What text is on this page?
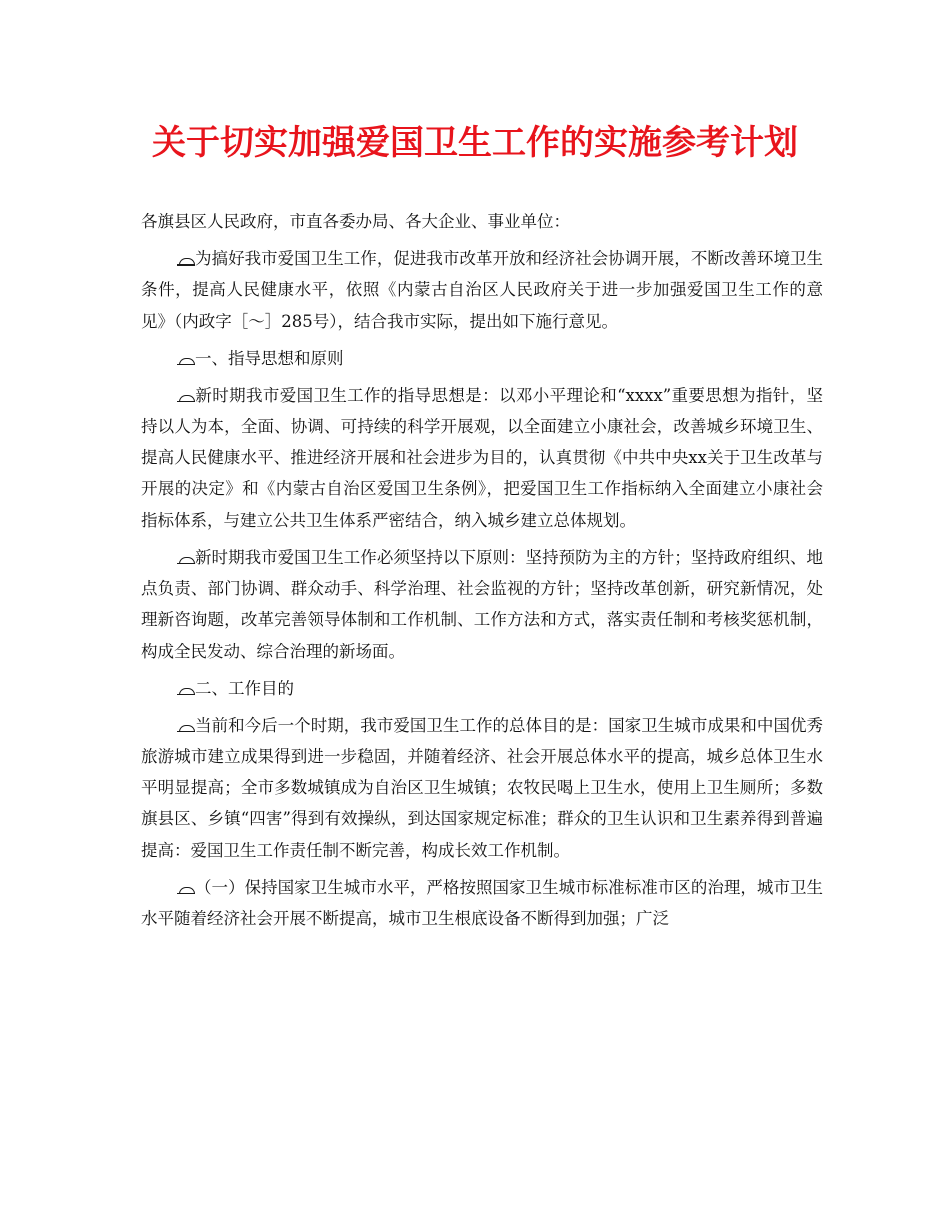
关于切实加强爱国卫生工作的实施参考计划

各旗县区人民政府，市直各委办局、各大企业、事业单位：

为搞好我市爱国卫生工作，促进我市改革开放和经济社会协调开展，不断改善环境卫生条件，提高人民健康水平，依照《内蒙古自治区人民政府关于进一步加强爱国卫生工作的意见》（内政字［～］285号），结合我市实际，提出如下施行意见。

一、指导思想和原则

新时期我市爱国卫生工作的指导思想是：以邓小平理论和“xxxx”重要思想为指针，坚持以人为本，全面、协调、可持续的科学开展观，以全面建立小康社会，改善城乡环境卫生、提高人民健康水平、推进经济开展和社会进步为目的，认真贯彻《中共中央xx关于卫生改革与开展的决定》和《内蒙古自治区爱国卫生条例》，把爱国卫生工作指标纳入全面建立小康社会指标体系，与建立公共卫生体系严密结合，纳入城乡建立总体规划。

新时期我市爱国卫生工作必须坚持以下原则：坚持预防为主的方针；坚持政府组织、地点负责、部门协调、群众动手、科学治理、社会监视的方针；坚持改革创新，研究新情况，处理新咨询题，改革完善领导体制和工作机制、工作方法和方式，落实责任制和考核奖惩机制，构成全民发动、综合治理的新场面。

二、工作目的

当前和今后一个时期，我市爱国卫生工作的总体目的是：国家卫生城市成果和中国优秀旅游城市建立成果得到进一步稳固，并随着经济、社会开展总体水平的提高，城乡总体卫生水平明显提高；全市多数城镇成为自治区卫生城镇；农牧民喝上卫生水，使用上卫生厕所；多数旗县区、乡镇“四害”得到有效操纵，到达国家规定标准；群众的卫生认识和卫生素养得到普遍提高：爱国卫生工作责任制不断完善，构成长效工作机制。

（一）保持国家卫生城市水平，严格按照国家卫生城市标准标准市区的治理，城市卫生水平随着经济社会开展不断提高，城市卫生根底设备不断得到加强；广泛
